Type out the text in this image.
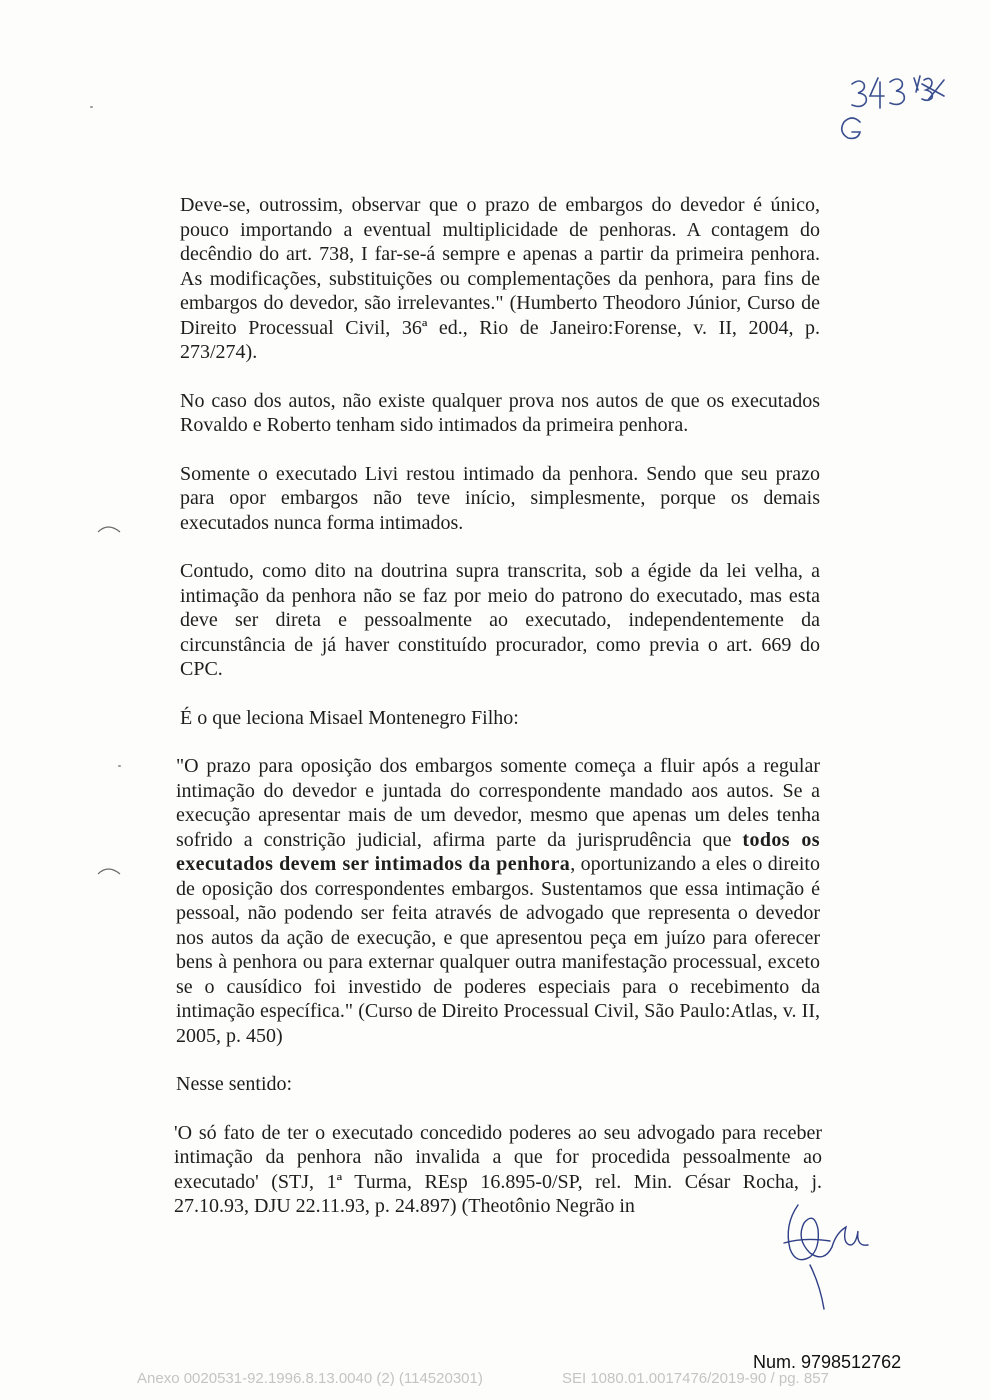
Deve-se, outrossim, observar que o prazo de embargos do devedor é único, pouco importando a eventual multiplicidade de penhoras. A contagem do decêndio do art. 738, I far-se-á sempre e apenas a partir da primeira penhora. As modificações, substituições ou complementações da penhora, para fins de embargos do devedor, são irrelevantes." (Humberto Theodoro Júnior, Curso de Direito Processual Civil, 36ª ed., Rio de Janeiro:Forense, v. II, 2004, p. 273/274).

No caso dos autos, não existe qualquer prova nos autos de que os executados Rovaldo e Roberto tenham sido intimados da primeira penhora.

Somente o executado Livi restou intimado da penhora. Sendo que seu prazo para opor embargos não teve início, simplesmente, porque os demais executados nunca forma intimados.

Contudo, como dito na doutrina supra transcrita, sob a égide da lei velha, a intimação da penhora não se faz por meio do patrono do executado, mas esta deve ser direta e pessoalmente ao executado, independentemente da circunstância de já haver constituído procurador, como previa o art. 669 do CPC.

É o que leciona Misael Montenegro Filho:

"O prazo para oposição dos embargos somente começa a fluir após a regular intimação do devedor e juntada do correspondente mandado aos autos. Se a execução apresentar mais de um devedor, mesmo que apenas um deles tenha sofrido a constrição judicial, afirma parte da jurisprudência que todos os executados devem ser intimados da penhora, oportunizando a eles o direito de oposição dos correspondentes embargos. Sustentamos que essa intimação é pessoal, não podendo ser feita através de advogado que representa o devedor nos autos da ação de execução, e que apresentou peça em juízo para oferecer bens à penhora ou para externar qualquer outra manifestação processual, exceto se o causídico foi investido de poderes especiais para o recebimento da intimação específica." (Curso de Direito Processual Civil, São Paulo:Atlas, v. II, 2005, p. 450)

Nesse sentido:

'O só fato de ter o executado concedido poderes ao seu advogado para receber intimação da penhora não invalida a que for procedida pessoalmente ao executado' (STJ, 1ª Turma, REsp 16.895-0/SP, rel. Min. César Rocha, j. 27.10.93, DJU 22.11.93, p. 24.897) (Theotônio Negrão in

Num. 9798512762
Anexo 0020531-92.1996.8.13.0040 (2) (114520301)	SEI 1080.01.0017476/2019-90 / pg. 857
